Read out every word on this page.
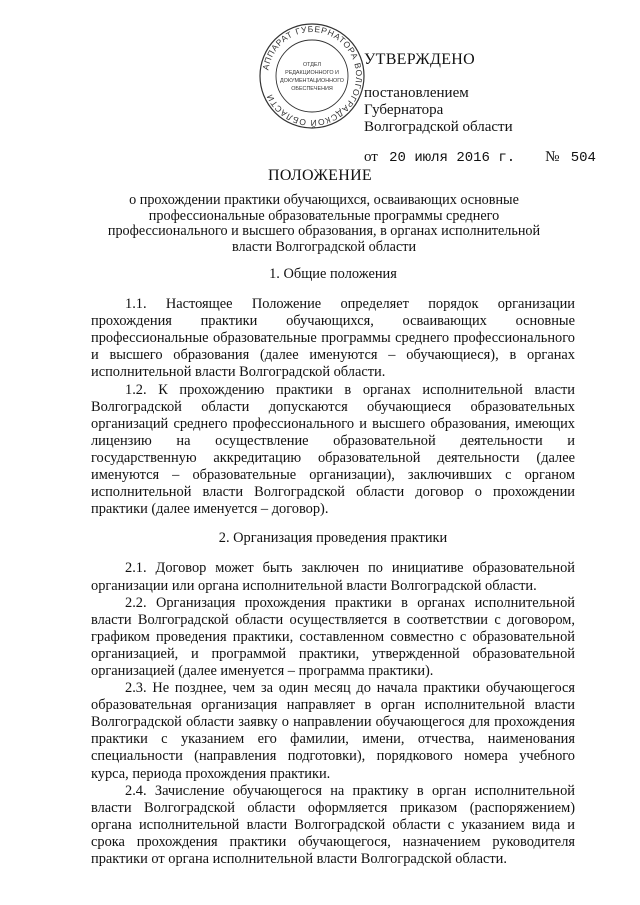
АППАРАТ ГУБЕРНАТОРА ВОЛГОГРАДСКОЙ ОБЛАСТИ
ОТДЕЛ
РЕДАКЦИОННОГО И
ДОКУМЕНТАЦИОННОГО
ОБЕСПЕЧЕНИЯ
УТВЕРЖДЕНО
постановлением
Губернатора
Волгоградской области
от 20 июля 2016 г. № 504
ПОЛОЖЕНИЕ
о прохождении практики обучающихся, осваивающих основные профессиональные образовательные программы среднего профессионального и высшего образования, в органах исполнительной власти Волгоградской области
1. Общие положения

1.1. Настоящее Положение определяет порядок организации прохождения практики обучающихся, осваивающих основные профессиональные образовательные программы среднего профессионального и высшего образования (далее именуются – обучающиеся), в органах исполнительной власти Волгоградской области.

1.2. К прохождению практики в органах исполнительной власти Волгоградской области допускаются обучающиеся образовательных организаций среднего профессионального и высшего образования, имеющих лицензию на осуществление образовательной деятельности и государственную аккредитацию образовательной деятельности (далее именуются – образовательные организации), заключивших с органом исполнительной власти Волгоградской области договор о прохождении практики (далее именуется – договор).

2. Организация проведения практики

2.1. Договор может быть заключен по инициативе образовательной организации или органа исполнительной власти Волгоградской области.

2.2. Организация прохождения практики в органах исполнительной власти Волгоградской области осуществляется в соответствии с договором, графиком проведения практики, составленном совместно с образовательной организацией, и программой практики, утвержденной образовательной организацией (далее именуется – программа практики).

2.3. Не позднее, чем за один месяц до начала практики обучающегося образовательная организация направляет в орган исполнительной власти Волгоградской области заявку о направлении обучающегося для прохождения практики с указанием его фамилии, имени, отчества, наименования специальности (направления подготовки), порядкового номера учебного курса, периода прохождения практики.

2.4. Зачисление обучающегося на практику в орган исполнительной власти Волгоградской области оформляется приказом (распоряжением) органа исполнительной власти Волгоградской области с указанием вида и срока прохождения практики обучающегося, назначением руководителя практики от органа исполнительной власти Волгоградской области.
